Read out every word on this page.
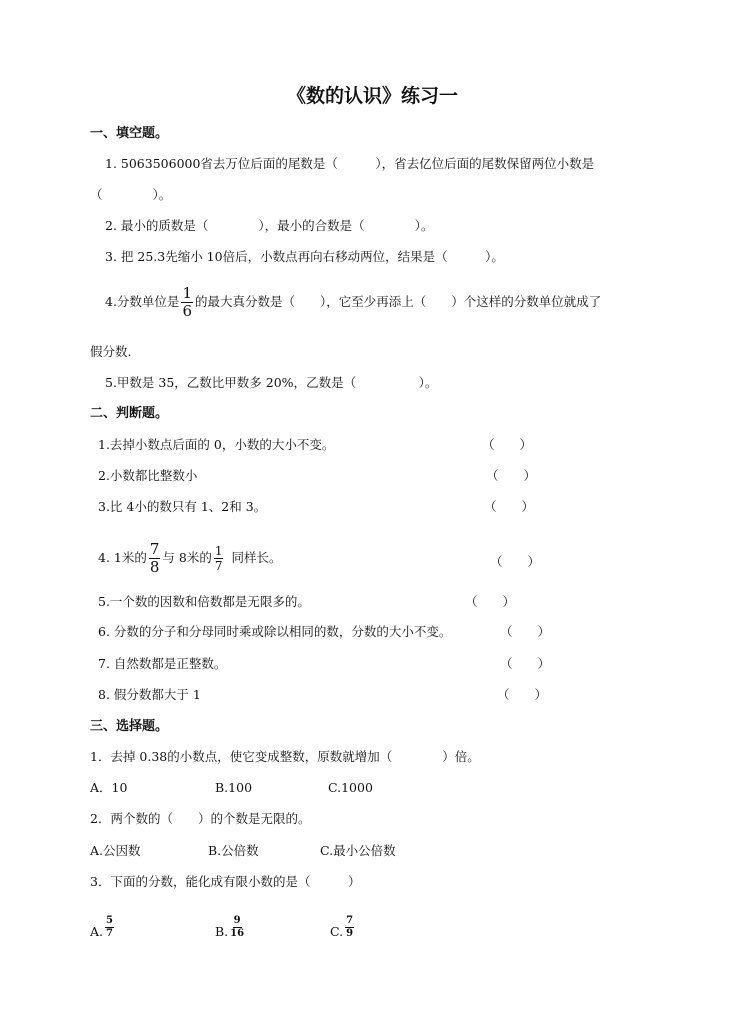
《数的认识》练习一
一、填空题。
1. 5063506000省去万位后面的尾数是（　　　），省去亿位后面的尾数保留两位小数是
（　　　　）。
2. 最小的质数是（　　　　），最小的合数是（　　　　）。
3. 把 25.3先缩小 10倍后，小数点再向右移动两位，结果是（　　　）。
4.分数单位是 $\frac{1}{6}$ 的最大真分数是（　　），它至少再添上（　　）个这样的分数单位就成了
假分数.
5.甲数是 35，乙数比甲数多 20%，乙数是（　　　　　）。
二、判断题。
1.去掉小数点后面的 0，小数的大小不变。	（　　）
2.小数都比整数小	（　　）
3.比 4小的数只有 1、2和 3。	（　　）
4. 1米的 $\frac{7}{8}$ 与 8米的 $\frac{1}{7}$ 同样长。	（　　）
5.一个数的因数和倍数都是无限多的。	（　　）
6. 分数的分子和分母同时乘或除以相同的数，分数的大小不变。	（　　）
7. 自然数都是正整数。	（　　）
8. 假分数都大于 1	（　　）
三、选择题。
1．去掉 0.38的小数点，使它变成整数，原数就增加（　　　　）倍。
A．10	B.100	C.1000
2．两个数的（　　）的个数是无限的。
A.公因数	B.公倍数	C.最小公倍数
3．下面的分数，能化成有限小数的是（　　　）
A. $\frac{5}{7}$	B. $\frac{9}{16}$	C. $\frac{7}{9}$
